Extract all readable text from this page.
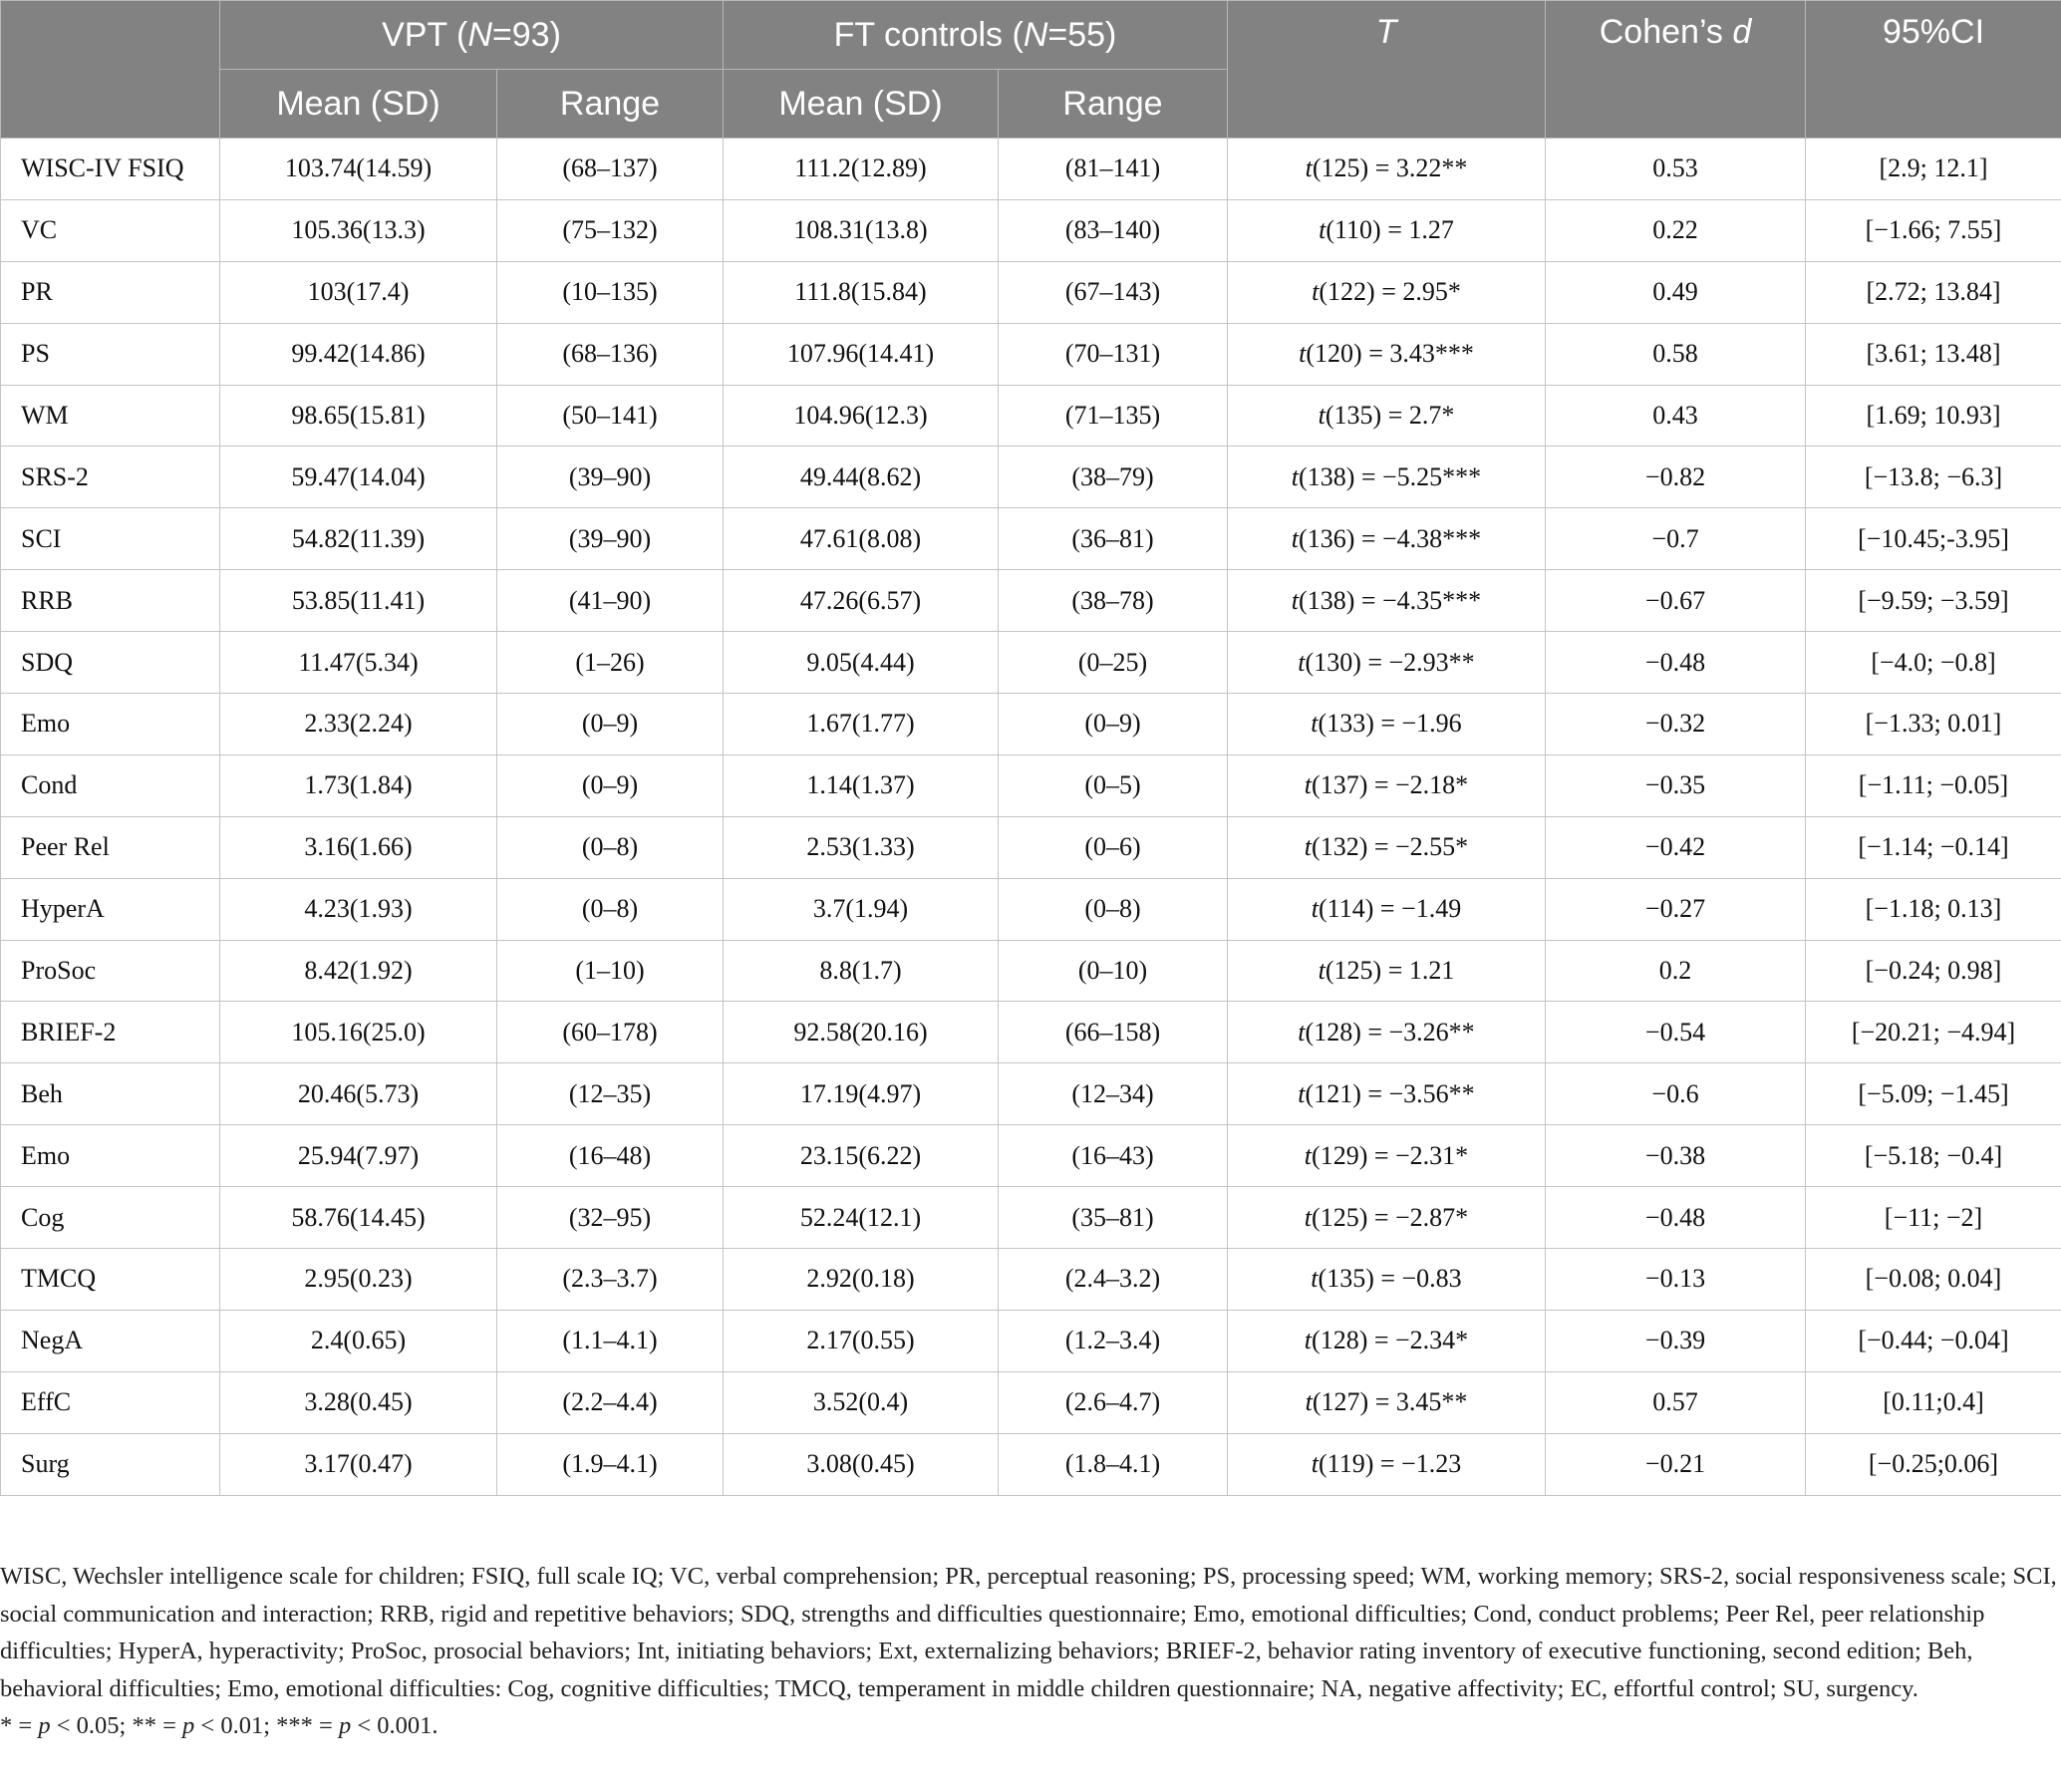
	VPT (N=93)		FT controls (N=55)		T	Cohen’s d	95%CI
	Mean (SD)	Range	Mean (SD)	Range			
WISC-IV FSIQ	103.74(14.59)	(68–137)	111.2(12.89)	(81–141)	t(125) = 3.22**	0.53	[2.9; 12.1]
VC	105.36(13.3)	(75–132)	108.31(13.8)	(83–140)	t(110) = 1.27	0.22	[−1.66; 7.55]
PR	103(17.4)	(10–135)	111.8(15.84)	(67–143)	t(122) = 2.95*	0.49	[2.72; 13.84]
PS	99.42(14.86)	(68–136)	107.96(14.41)	(70–131)	t(120) = 3.43***	0.58	[3.61; 13.48]
WM	98.65(15.81)	(50–141)	104.96(12.3)	(71–135)	t(135) = 2.7*	0.43	[1.69; 10.93]
SRS-2	59.47(14.04)	(39–90)	49.44(8.62)	(38–79)	t(138) = −5.25***	−0.82	[−13.8; −6.3]
SCI	54.82(11.39)	(39–90)	47.61(8.08)	(36–81)	t(136) = −4.38***	−0.7	[−10.45;-3.95]
RRB	53.85(11.41)	(41–90)	47.26(6.57)	(38–78)	t(138) = −4.35***	−0.67	[−9.59; −3.59]
SDQ	11.47(5.34)	(1–26)	9.05(4.44)	(0–25)	t(130) = −2.93**	−0.48	[−4.0; −0.8]
Emo	2.33(2.24)	(0–9)	1.67(1.77)	(0–9)	t(133) = −1.96	−0.32	[−1.33; 0.01]
Cond	1.73(1.84)	(0–9)	1.14(1.37)	(0–5)	t(137) = −2.18*	−0.35	[−1.11; −0.05]
Peer Rel	3.16(1.66)	(0–8)	2.53(1.33)	(0–6)	t(132) = −2.55*	−0.42	[−1.14; −0.14]
HyperA	4.23(1.93)	(0–8)	3.7(1.94)	(0–8)	t(114) = −1.49	−0.27	[−1.18; 0.13]
ProSoc	8.42(1.92)	(1–10)	8.8(1.7)	(0–10)	t(125) = 1.21	0.2	[−0.24; 0.98]
BRIEF-2	105.16(25.0)	(60–178)	92.58(20.16)	(66–158)	t(128) = −3.26**	−0.54	[−20.21; −4.94]
Beh	20.46(5.73)	(12–35)	17.19(4.97)	(12–34)	t(121) = −3.56**	−0.6	[−5.09; −1.45]
Emo	25.94(7.97)	(16–48)	23.15(6.22)	(16–43)	t(129) = −2.31*	−0.38	[−5.18; −0.4]
Cog	58.76(14.45)	(32–95)	52.24(12.1)	(35–81)	t(125) = −2.87*	−0.48	[−11; −2]
TMCQ	2.95(0.23)	(2.3–3.7)	2.92(0.18)	(2.4–3.2)	t(135) = −0.83	−0.13	[−0.08; 0.04]
NegA	2.4(0.65)	(1.1–4.1)	2.17(0.55)	(1.2–3.4)	t(128) = −2.34*	−0.39	[−0.44; −0.04]
EffC	3.28(0.45)	(2.2–4.4)	3.52(0.4)	(2.6–4.7)	t(127) = 3.45**	0.57	[0.11;0.4]
Surg	3.17(0.47)	(1.9–4.1)	3.08(0.45)	(1.8–4.1)	t(119) = −1.23	−0.21	[−0.25;0.06]

WISC, Wechsler intelligence scale for children; FSIQ, full scale IQ; VC, verbal comprehension; PR, perceptual reasoning; PS, processing speed; WM, working memory; SRS-2, social responsiveness scale; SCI, social communication and interaction; RRB, rigid and repetitive behaviors; SDQ, strengths and difficulties questionnaire; Emo, emotional difficulties; Cond, conduct problems; Peer Rel, peer relationship difficulties; HyperA, hyperactivity; ProSoc, prosocial behaviors; Int, initiating behaviors; Ext, externalizing behaviors; BRIEF-2, behavior rating inventory of executive functioning, second edition; Beh, behavioral difficulties; Emo, emotional difficulties: Cog, cognitive difficulties; TMCQ, temperament in middle children questionnaire; NA, negative affectivity; EC, effortful control; SU, surgency.

* = p < 0.05; ** = p < 0.01; *** = p < 0.001.
